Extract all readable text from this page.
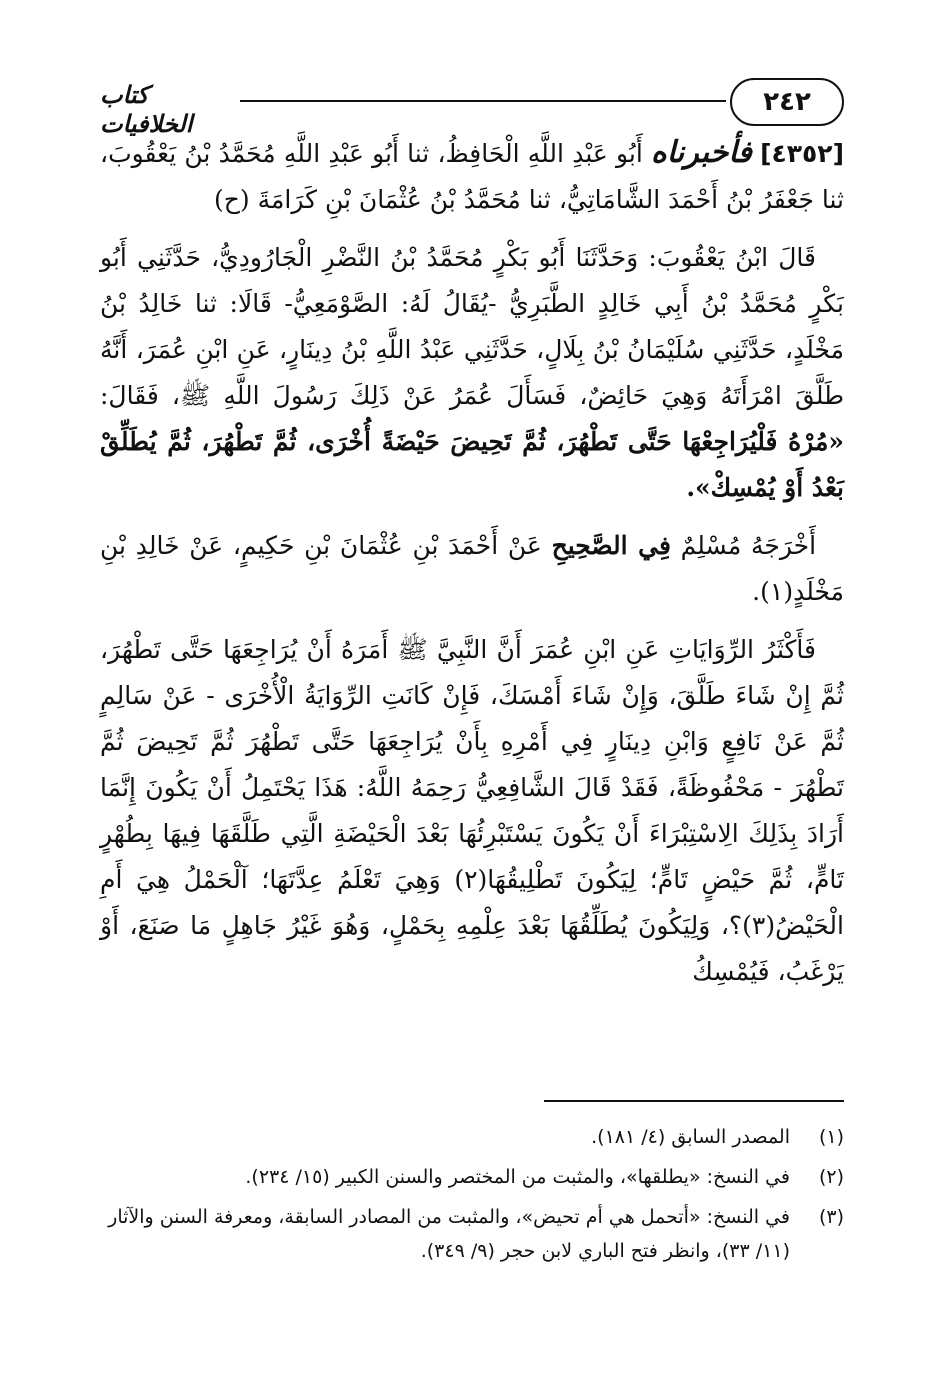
٢٤٢
كتاب الخلافيات

[٤٣٥٢] فأخبرناه أَبُو عَبْدِ اللَّهِ الْحَافِظُ، ثنا أَبُو عَبْدِ اللَّهِ مُحَمَّدُ بْنُ يَعْقُوبَ، ثنا جَعْفَرُ بْنُ أَحْمَدَ الشَّامَاتِيُّ، ثنا مُحَمَّدُ بْنُ عُثْمَانَ بْنِ كَرَامَةَ (ح)

قَالَ ابْنُ يَعْقُوبَ: وَحَدَّثَنَا أَبُو بَكْرٍ مُحَمَّدُ بْنُ النَّضْرِ الْجَارُودِيُّ، حَدَّثَنِي أَبُو بَكْرٍ مُحَمَّدُ بْنُ أَبِي خَالِدٍ الطَّبَرِيُّ -يُقَالُ لَهُ: الصَّوْمَعِيُّ- قَالَا: ثنا خَالِدُ بْنُ مَخْلَدٍ، حَدَّثَنِي سُلَيْمَانُ بْنُ بِلَالٍ، حَدَّثَنِي عَبْدُ اللَّهِ بْنُ دِينَارٍ، عَنِ ابْنِ عُمَرَ، أَنَّهُ طَلَّقَ امْرَأَتَهُ وَهِيَ حَائِضٌ، فَسَأَلَ عُمَرُ عَنْ ذَلِكَ رَسُولَ اللَّهِ ﷺ، فَقَالَ: «مُرْهُ فَلْيُرَاجِعْهَا حَتَّى تَطْهُرَ، ثُمَّ تَحِيضَ حَيْضَةً أُخْرَى، ثُمَّ تَطْهُرَ، ثُمَّ يُطَلِّقْ بَعْدُ أَوْ يُمْسِكْ».

أَخْرَجَهُ مُسْلِمٌ فِي الصَّحِيحِ عَنْ أَحْمَدَ بْنِ عُثْمَانَ بْنِ حَكِيمٍ، عَنْ خَالِدِ بْنِ مَخْلَدٍ(١).

فَأَكْثَرُ الرِّوَايَاتِ عَنِ ابْنِ عُمَرَ أَنَّ النَّبِيَّ ﷺ أَمَرَهُ أَنْ يُرَاجِعَهَا حَتَّى تَطْهُرَ، ثُمَّ إِنْ شَاءَ طَلَّقَ، وَإِنْ شَاءَ أَمْسَكَ، فَإِنْ كَانَتِ الرِّوَايَةُ الْأُخْرَى - عَنْ سَالِمٍ ثُمَّ عَنْ نَافِعٍ وَابْنِ دِينَارٍ فِي أَمْرِهِ بِأَنْ يُرَاجِعَهَا حَتَّى تَطْهُرَ ثُمَّ تَحِيضَ ثُمَّ تَطْهُرَ - مَحْفُوظَةً، فَقَدْ قَالَ الشَّافِعِيُّ رَحِمَهُ اللَّهُ: هَذَا يَحْتَمِلُ أَنْ يَكُونَ إِنَّمَا أَرَادَ بِذَلِكَ الِاسْتِبْرَاءَ أَنْ يَكُونَ يَسْتَبْرِئُهَا بَعْدَ الْحَيْضَةِ الَّتِي طَلَّقَهَا فِيهَا بِطُهْرٍ تَامٍّ، ثُمَّ حَيْضٍ تَامٍّ؛ لِيَكُونَ تَطْلِيقُهَا(٢) وَهِيَ تَعْلَمُ عِدَّتَهَا؛ آلْحَمْلُ هِيَ أَمِ الْحَيْضُ(٣)؟، وَلِيَكُونَ يُطَلِّقُهَا بَعْدَ عِلْمِهِ بِحَمْلٍ، وَهُوَ غَيْرُ جَاهِلٍ مَا صَنَعَ، أَوْ يَرْغَبُ، فَيُمْسِكُ

(١)
المصدر السابق (٤/ ١٨١).
(٢)
في النسخ: «يطلقها»، والمثبت من المختصر والسنن الكبير (١٥/ ٢٣٤).
(٣)
في النسخ: «أتحمل هي أم تحيض»، والمثبت من المصادر السابقة، ومعرفة السنن والآثار (١١/ ٣٣)، وانظر فتح الباري لابن حجر (٩/ ٣٤٩).
